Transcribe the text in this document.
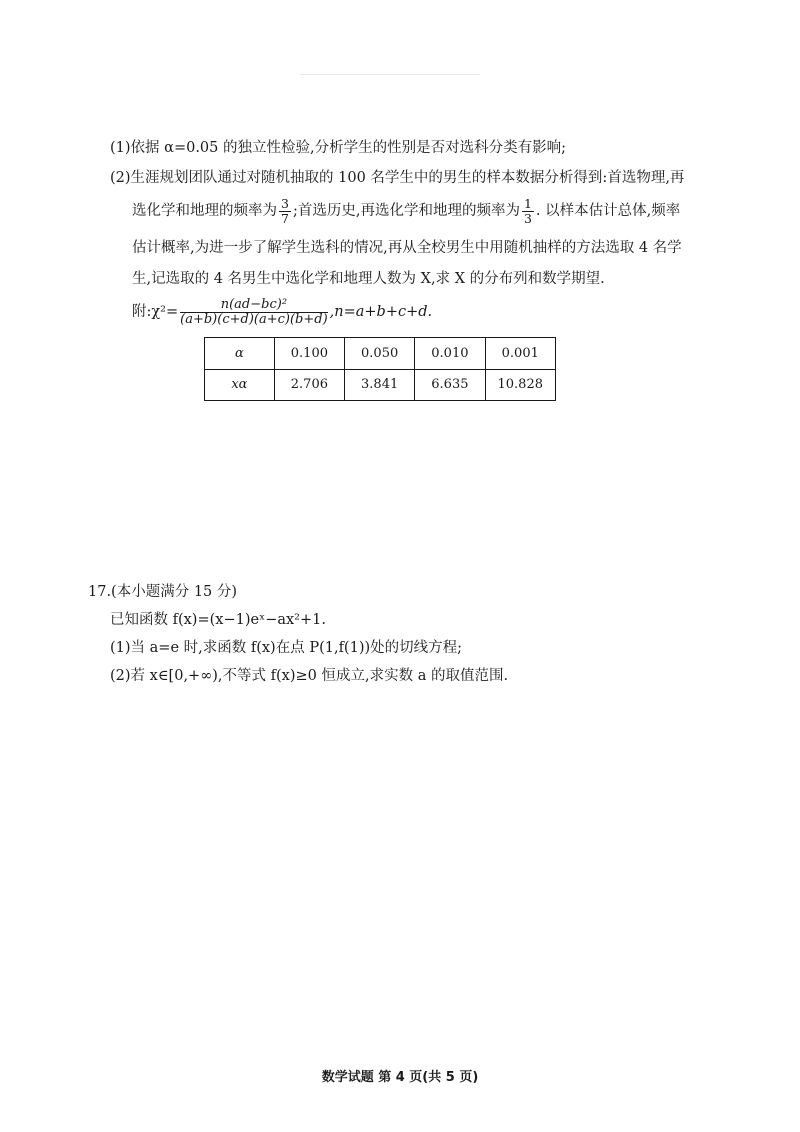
(1)依据 α=0.05 的独立性检验,分析学生的性别是否对选科分类有影响;
(2)生涯规划团队通过对随机抽取的 100 名学生中的男生的样本数据分析得到:首选物理,再
选化学和地理的频率为 $\frac{3}{7}$ ;首选历史,再选化学和地理的频率为 $\frac{1}{3}$ . 以样本估计总体,频率
估计概率,为进一步了解学生选科的情况,再从全校男生中用随机抽样的方法选取 4 名学
生,记选取的 4 名男生中选化学和地理人数为 X,求 X 的分布列和数学期望.
附:χ²= $\frac{\text{n(ad−bc)²}}{(a+b)(c+d)(a+c)(b+d)} ,n=a+b+c+d$.
α	0.100	0.050	0.010	0.001
xα	2.706	3.841	6.635	10.828
17.(本小题满分 15 分)
已知函数 f(x)=(x−1)eˣ−ax²+1.
(1)当 a=e 时,求函数 f(x)在点 P(1,f(1))处的切线方程;
(2)若 x∈[0,+∞),不等式 f(x)≥0 恒成立,求实数 a 的取值范围.
数学试题 第 4 页(共 5 页)
